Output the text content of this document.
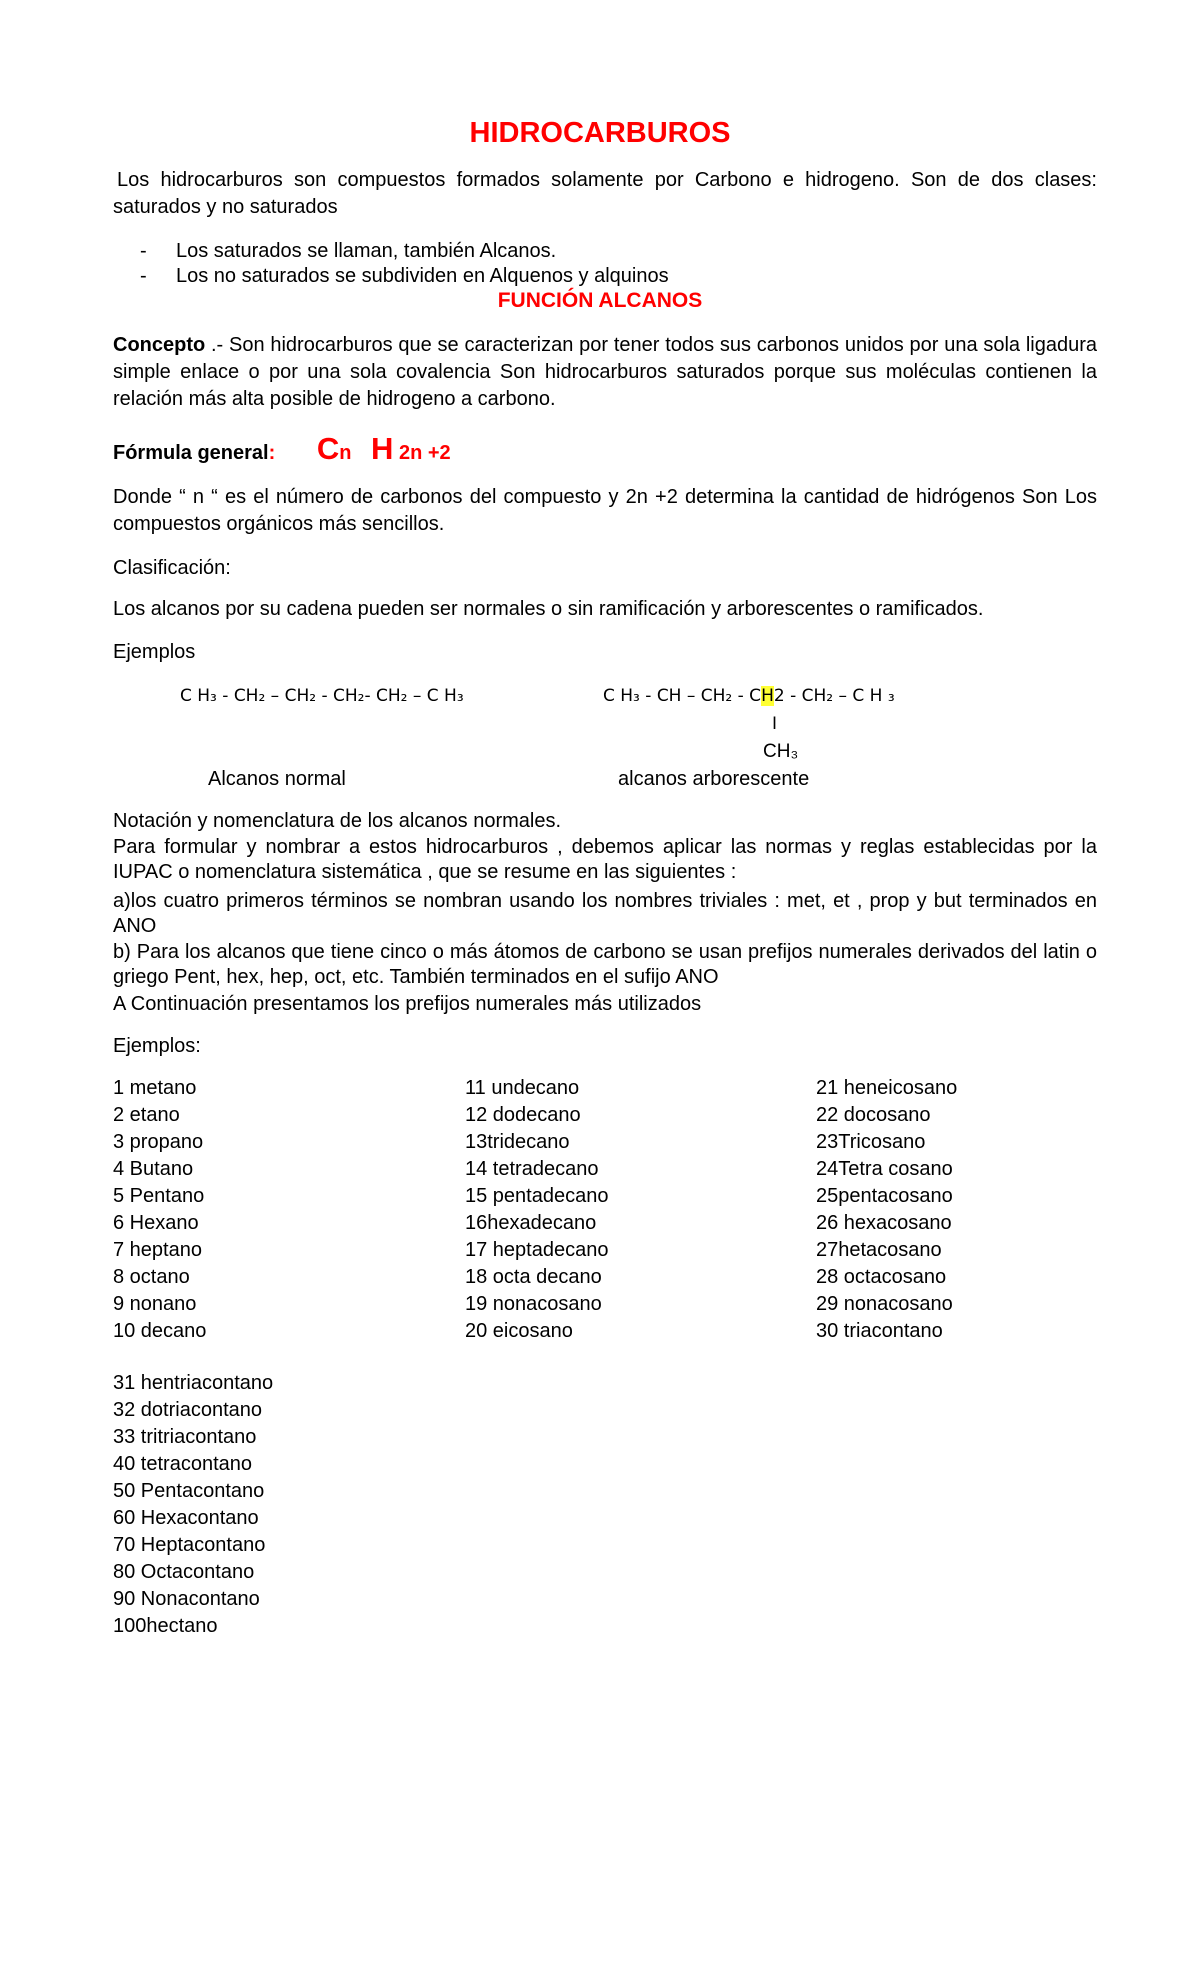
HIDROCARBUROS
Los hidrocarburos son compuestos formados solamente por Carbono e hidrogeno. Son de dos clases: saturados y no saturados
- Los saturados se llaman, también Alcanos.
- Los no saturados se subdividen en Alquenos y alquinos
FUNCIÓN ALCANOS
Concepto .- Son hidrocarburos que se caracterizan por tener todos sus carbonos unidos por una sola ligadura simple enlace o por una sola covalencia Son hidrocarburos saturados porque sus moléculas contienen la relación más alta posible de hidrogeno a carbono.
Fórmula general: Cn H 2n +2
Donde “ n “ es el número de carbonos del compuesto y 2n +2 determina la cantidad de hidrógenos Son Los compuestos orgánicos más sencillos.
Clasificación:
Los alcanos por su cadena pueden ser normales o sin ramificación y arborescentes o ramificados.
Ejemplos
C H₃ - CH₂ – CH₂ - CH₂- CH₂ – C H₃	C H₃ - CH – CH₂ - CH2 - CH₂ – C H ₃
I
CH₃
Alcanos normal	alcanos arborescente
Notación y nomenclatura de los alcanos normales.
Para formular y nombrar a estos hidrocarburos , debemos aplicar las normas y reglas establecidas por la IUPAC o nomenclatura sistemática , que se resume en las siguientes :
a)los cuatro primeros términos se nombran usando los nombres triviales : met, et , prop y but terminados en ANO
b) Para los alcanos que tiene cinco o más átomos de carbono se usan prefijos numerales derivados del latin o griego Pent, hex, hep, oct, etc. También terminados en el sufijo ANO
A Continuación presentamos los prefijos numerales más utilizados
Ejemplos:
1 metano
2 etano
3 propano
4 Butano
5 Pentano
6 Hexano
7 heptano
8 octano
9 nonano
10 decano
11 undecano
12 dodecano
13tridecano
14 tetradecano
15 pentadecano
16hexadecano
17 heptadecano
18 octa decano
19 nonacosano
20 eicosano
21 heneicosano
22 docosano
23Tricosano
24Tetra cosano
25pentacosano
26 hexacosano
27hetacosano
28 octacosano
29 nonacosano
30 triacontano
31 hentriacontano
32 dotriacontano
33 tritriacontano
40 tetracontano
50 Pentacontano
60 Hexacontano
70 Heptacontano
80 Octacontano
90 Nonacontano
100hectano
